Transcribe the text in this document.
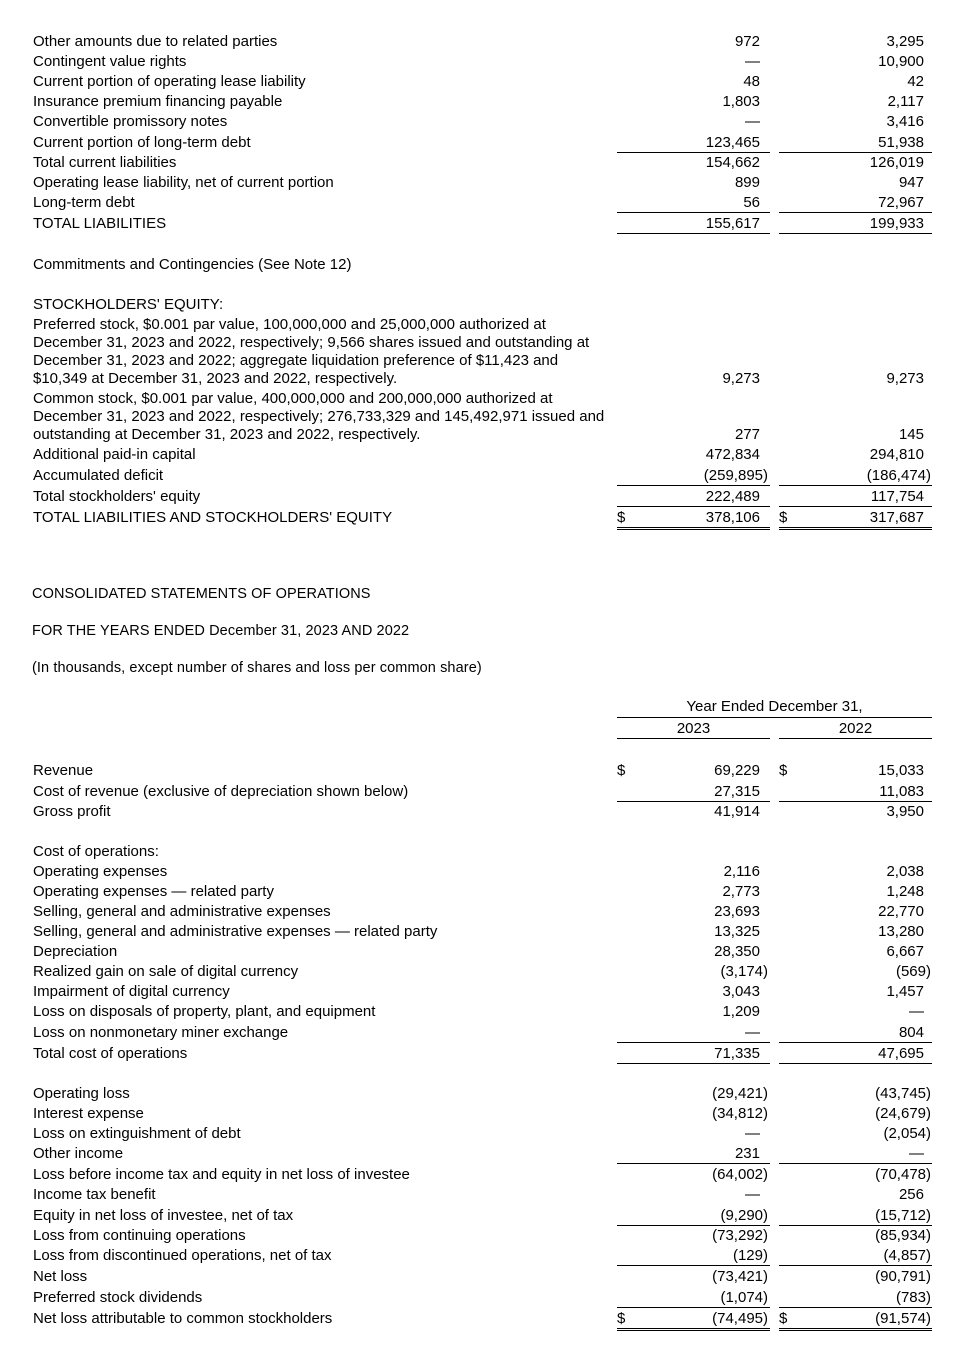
Other amounts due to related parties	972	3,295
Contingent value rights	—	10,900
Current portion of operating lease liability	48	42
Insurance premium financing payable	1,803	2,117
Convertible promissory notes	—	3,416
Current portion of long-term debt	123,465	51,938
Total current liabilities	154,662	126,019
Operating lease liability, net of current portion	899	947
Long-term debt	56	72,967
TOTAL LIABILITIES	155,617	199,933
Commitments and Contingencies (See Note 12)
STOCKHOLDERS' EQUITY:
Preferred stock, $0.001 par value, 100,000,000 and 25,000,000 authorized at December 31, 2023 and 2022, respectively; 9,566 shares issued and outstanding at December 31, 2023 and 2022; aggregate liquidation preference of $11,423 and $10,349 at December 31, 2023 and 2022, respectively.	9,273	9,273
Common stock, $0.001 par value, 400,000,000 and 200,000,000 authorized at December 31, 2023 and 2022, respectively; 276,733,329 and 145,492,971 issued and outstanding at December 31, 2023 and 2022, respectively.	277	145
Additional paid-in capital	472,834	294,810
Accumulated deficit	(259,895)	(186,474)
Total stockholders' equity	222,489	117,754
TOTAL LIABILITIES AND STOCKHOLDERS' EQUITY	$	378,106 $	317,687
CONSOLIDATED STATEMENTS OF OPERATIONS
FOR THE YEARS ENDED December 31, 2023 AND 2022
(In thousands, except number of shares and loss per common share)
Year Ended December 31,
2023	2022
Revenue	$	69,229 $	15,033
Cost of revenue (exclusive of depreciation shown below)	27,315	11,083
Gross profit	41,914	3,950
Cost of operations:
Operating expenses	2,116	2,038
Operating expenses — related party	2,773	1,248
Selling, general and administrative expenses	23,693	22,770
Selling, general and administrative expenses — related party	13,325	13,280
Depreciation	28,350	6,667
Realized gain on sale of digital currency	(3,174)	(569)
Impairment of digital currency	3,043	1,457
Loss on disposals of property, plant, and equipment	1,209	—
Loss on nonmonetary miner exchange	—	804
Total cost of operations	71,335	47,695
Operating loss	(29,421)	(43,745)
Interest expense	(34,812)	(24,679)
Loss on extinguishment of debt	—	(2,054)
Other income	231	—
Loss before income tax and equity in net loss of investee	(64,002)	(70,478)
Income tax benefit	—	256
Equity in net loss of investee, net of tax	(9,290)	(15,712)
Loss from continuing operations	(73,292)	(85,934)
Loss from discontinued operations, net of tax	(129)	(4,857)
Net loss	(73,421)	(90,791)
Preferred stock dividends	(1,074)	(783)
Net loss attributable to common stockholders	$	(74,495) $	(91,574)
